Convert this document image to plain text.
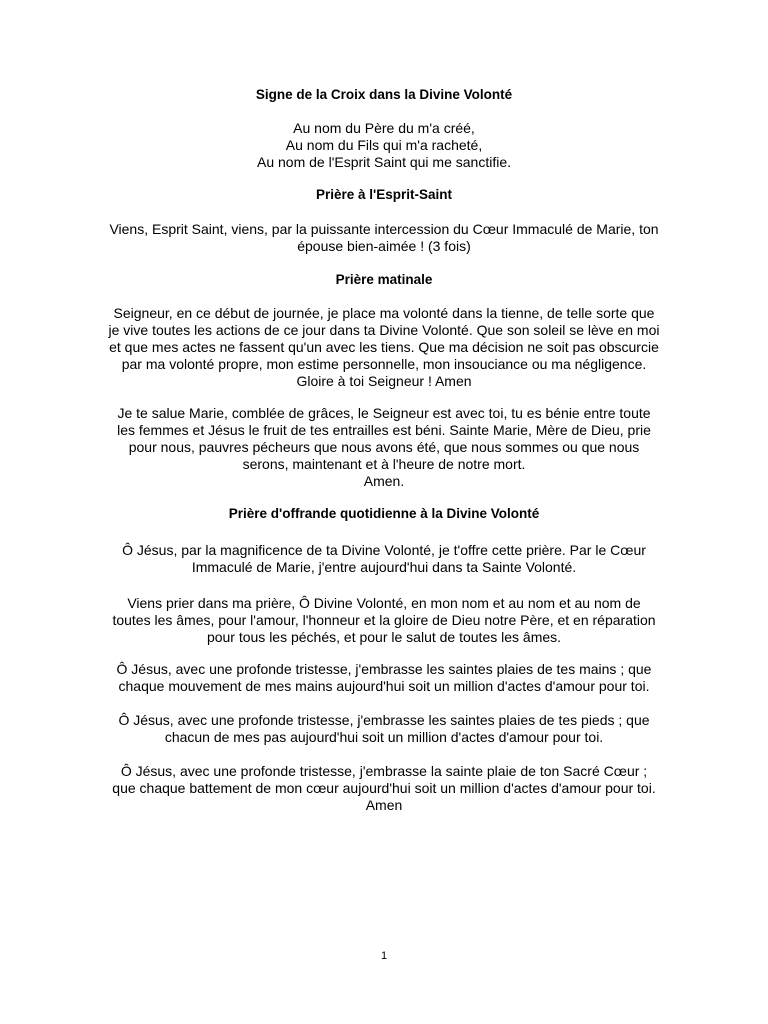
Signe de la Croix dans la Divine Volonté
Au nom du Père du m'a créé,
Au nom du Fils qui m'a racheté,
Au nom de l'Esprit Saint qui me sanctifie.
Prière à l'Esprit-Saint
Viens, Esprit Saint, viens, par la puissante intercession du Cœur Immaculé de Marie, ton
épouse bien-aimée ! (3 fois)
Prière matinale
Seigneur, en ce début de journée, je place ma volonté dans la tienne, de telle sorte que
je vive toutes les actions de ce jour dans ta Divine Volonté. Que son soleil se lève en moi
et que mes actes ne fassent qu'un avec les tiens. Que ma décision ne soit pas obscurcie
par ma volonté propre, mon estime personnelle, mon insouciance ou ma négligence.
Gloire à toi Seigneur ! Amen
Je te salue Marie, comblée de grâces, le Seigneur est avec toi, tu es bénie entre toute
les femmes et Jésus le fruit de tes entrailles est béni. Sainte Marie, Mère de Dieu, prie
pour nous, pauvres pécheurs que nous avons été, que nous sommes ou que nous
serons, maintenant et à l'heure de notre mort.
Amen.
Prière d'offrande quotidienne à la Divine Volonté
Ô Jésus, par la magnificence de ta Divine Volonté, je t'offre cette prière. Par le Cœur
Immaculé de Marie, j'entre aujourd'hui dans ta Sainte Volonté.
Viens prier dans ma prière, Ô Divine Volonté, en mon nom et au nom et au nom de
toutes les âmes, pour l'amour, l'honneur et la gloire de Dieu notre Père, et en réparation
pour tous les péchés, et pour le salut de toutes les âmes.
Ô Jésus, avec une profonde tristesse, j'embrasse les saintes plaies de tes mains ; que
chaque mouvement de mes mains aujourd'hui soit un million d'actes d'amour pour toi.
Ô Jésus, avec une profonde tristesse, j'embrasse les saintes plaies de tes pieds ; que
chacun de mes pas aujourd'hui soit un million d'actes d'amour pour toi.
Ô Jésus, avec une profonde tristesse, j'embrasse la sainte plaie de ton Sacré Cœur ;
que chaque battement de mon cœur aujourd'hui soit un million d'actes d'amour pour toi.
Amen
1
